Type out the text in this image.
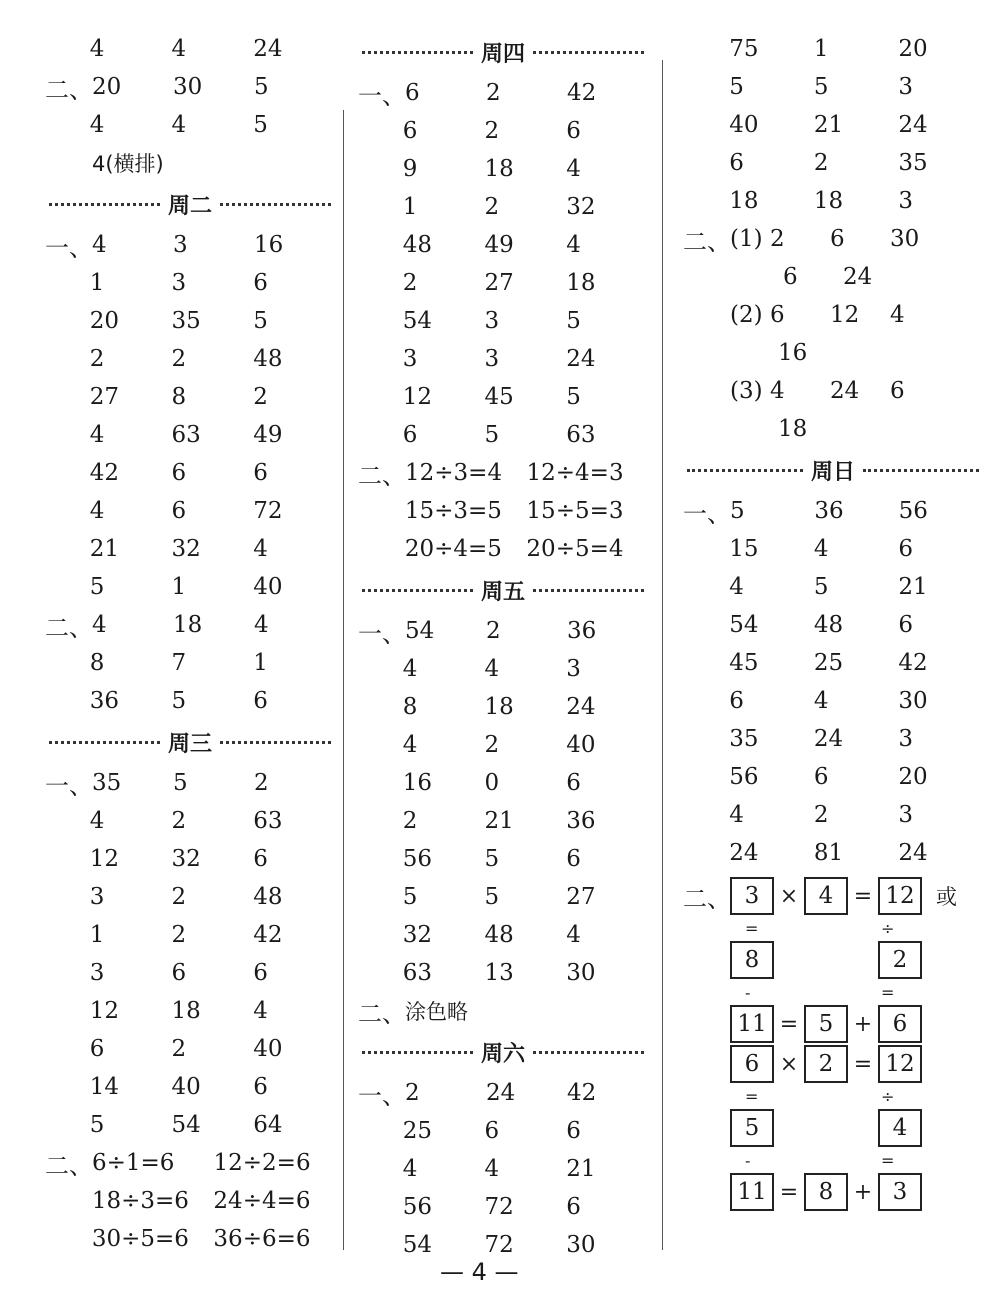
4	4	24
二、 20	30	5
4	4	5
4(横排)
周二
一、 4	3	16
1	3	6
20	35	5
2	2	48
27	8	2
4	63	49
42	6	6
4	6	72
21	32	4
5	1	40
二、 4	18	4
8	7	1
36	5	6
周三
一、 35	5	2
4	2	63
12	32	6
3	2	48
1	2	42
3	6	6
12	18	4
6	2	40
14	40	6
5	54	64
二、 6÷1=6	12÷2=6
18÷3=6	24÷4=6
30÷5=6	36÷6=6
周四
一、 6	2	42
6	2	6
9	18	4
1	2	32
48	49	4
2	27	18
54	3	5
3	3	24
12	45	5
6	5	63
二、 12÷3=4	12÷4=3
15÷3=5	15÷5=3
20÷4=5	20÷5=4
周五
一、 54	2	36
4	4	3
8	18	24
4	2	40
16	0	6
2	21	36
56	5	6
5	5	27
32	48	4
63	13	30
二、 涂色略
周六
一、 2	24	42
25	6	6
4	4	21
56	72	6
54	72	30
75	1	20
5	5	3
40	21	24
6	2	35
18	18	3
二、 (1) 2	6	30
6	24
(2) 6	12	4
16
(3) 4	24	6
18
周日
一、 5	36	56
15	4	6
4	5	21
54	48	6
45	25	42
6	4	30
35	24	3
56	6	20
4	2	3
24	81	24
二、 3 × 4 = 12	或
=	÷
8	2
-	=
11 = 5 + 6
6 × 2 = 12
=	÷
5	4
-	=
11 = 8 + 3
— 4 —
